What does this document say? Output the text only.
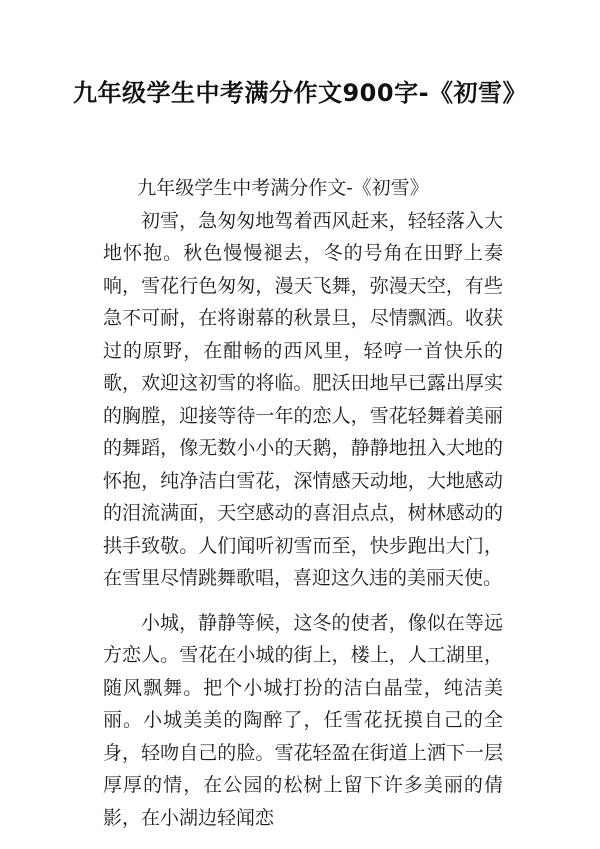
九年级学生中考满分作文900字-《初雪》

九年级学生中考满分作文-《初雪》

初雪，急匆匆地驾着西风赶来，轻轻落入大地怀抱。秋色慢慢褪去，冬的号角在田野上奏响，雪花行色匆匆，漫天飞舞，弥漫天空，有些急不可耐，在将谢幕的秋景旦，尽情飘洒。收获过的原野，在酣畅的西风里，轻哼一首快乐的歌，欢迎这初雪的将临。肥沃田地早已露出厚实的胸膛，迎接等待一年的恋人，雪花轻舞着美丽的舞蹈，像无数小小的天鹅，静静地扭入大地的怀抱，纯净洁白雪花，深情感天动地，大地感动的泪流满面，天空感动的喜泪点点，树林感动的拱手致敬。人们闻听初雪而至，快步跑出大门，在雪里尽情跳舞歌唱，喜迎这久违的美丽天使。

小城，静静等候，这冬的使者，像似在等远方恋人。雪花在小城的街上，楼上，人工湖里，随风飘舞。把个小城打扮的洁白晶莹，纯洁美丽。小城美美的陶醉了，任雪花抚摸自己的全身，轻吻自己的脸。雪花轻盈在街道上洒下一层厚厚的情，在公园的松树上留下许多美丽的倩影，在小湖边轻闻恋
